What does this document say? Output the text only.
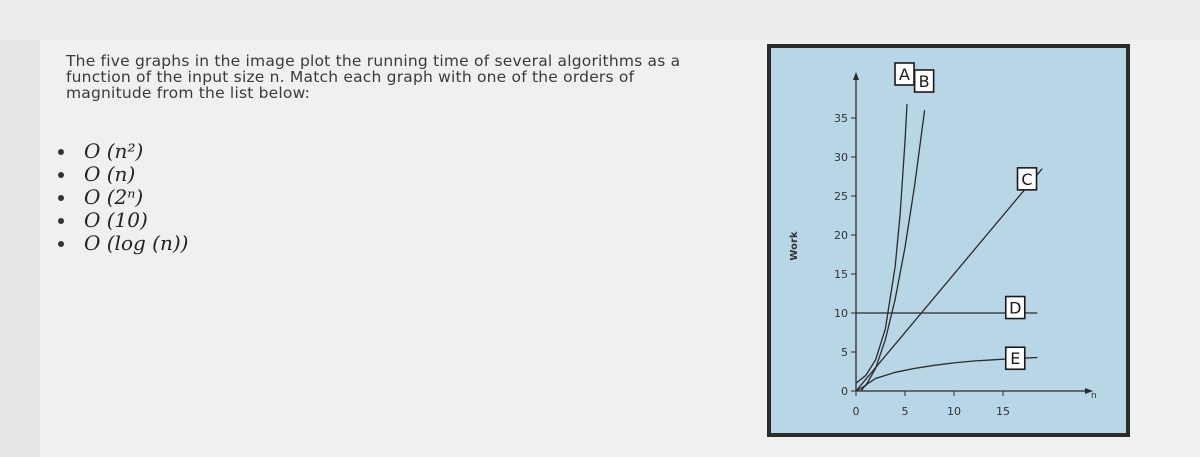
The five graphs in the image plot the running time of several algorithms as a
function of the input size n. Match each graph with one of the orders of
magnitude from the list below:
O (n²)
O (n)
O (2ⁿ)
O (10)
O (log (n))
0
5
10
15
20
25
30
35
0	5	10	15
Work
n
A B
C
D
E
